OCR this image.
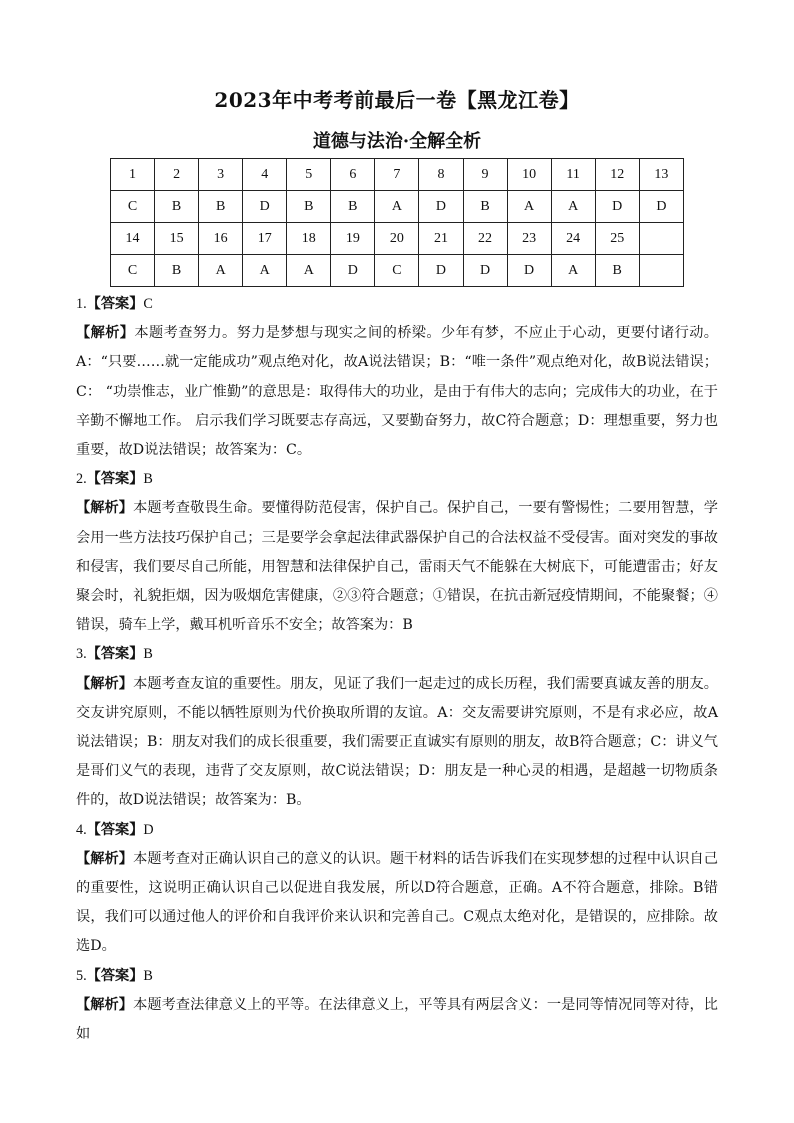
2023年中考考前最后一卷【黑龙江卷】
道德与法治·全解全析
1	2	3	4	5	6	7	8	9	10	11	12	13
C	B	B	D	B	B	A	D	B	A	A	D	D
14	15	16	17	18	19	20	21	22	23	24	25	
C	B	A	A	A	D	C	D	D	D	A	B	

1.【答案】C

【解析】本题考查努力。努力是梦想与现实之间的桥梁。少年有梦，不应止于心动，更要付诸行动。A：“只要……就一定能成功”观点绝对化，故A说法错误；B：“唯一条件”观点绝对化，故B说法错误；C： “功崇惟志，业广惟勤”的意思是：取得伟大的功业，是由于有伟大的志向；完成伟大的功业，在于辛勤不懈地工作。 启示我们学习既要志存高远，又要勤奋努力，故C符合题意；D：理想重要，努力也重要，故D说法错误；故答案为：C。

2.【答案】B

【解析】本题考查敬畏生命。要懂得防范侵害，保护自己。保护自己，一要有警惕性；二要用智慧，学会用一些方法技巧保护自己；三是要学会拿起法律武器保护自己的合法权益不受侵害。面对突发的事故和侵害，我们要尽自己所能，用智慧和法律保护自己，雷雨天气不能躲在大树底下，可能遭雷击；好友聚会时，礼貌拒烟，因为吸烟危害健康，②③符合题意；①错误，在抗击新冠疫情期间，不能聚餐；④错误，骑车上学，戴耳机听音乐不安全；故答案为：B

3.【答案】B

【解析】本题考查友谊的重要性。朋友，见证了我们一起走过的成长历程，我们需要真诚友善的朋友。交友讲究原则，不能以牺牲原则为代价换取所谓的友谊。A：交友需要讲究原则，不是有求必应，故A说法错误；B：朋友对我们的成长很重要，我们需要正直诚实有原则的朋友，故B符合题意；C：讲义气是哥们义气的表现，违背了交友原则，故C说法错误；D：朋友是一种心灵的相遇，是超越一切物质条件的，故D说法错误；故答案为：B。

4.【答案】D

【解析】本题考查对正确认识自己的意义的认识。题干材料的话告诉我们在实现梦想的过程中认识自己的重要性，这说明正确认识自己以促进自我发展，所以D符合题意，正确。A不符合题意，排除。B错误，我们可以通过他人的评价和自我评价来认识和完善自己。C观点太绝对化，是错误的，应排除。故选D。

5.【答案】B

【解析】本题考查法律意义上的平等。在法律意义上，平等具有两层含义：一是同等情况同等对待，比如
